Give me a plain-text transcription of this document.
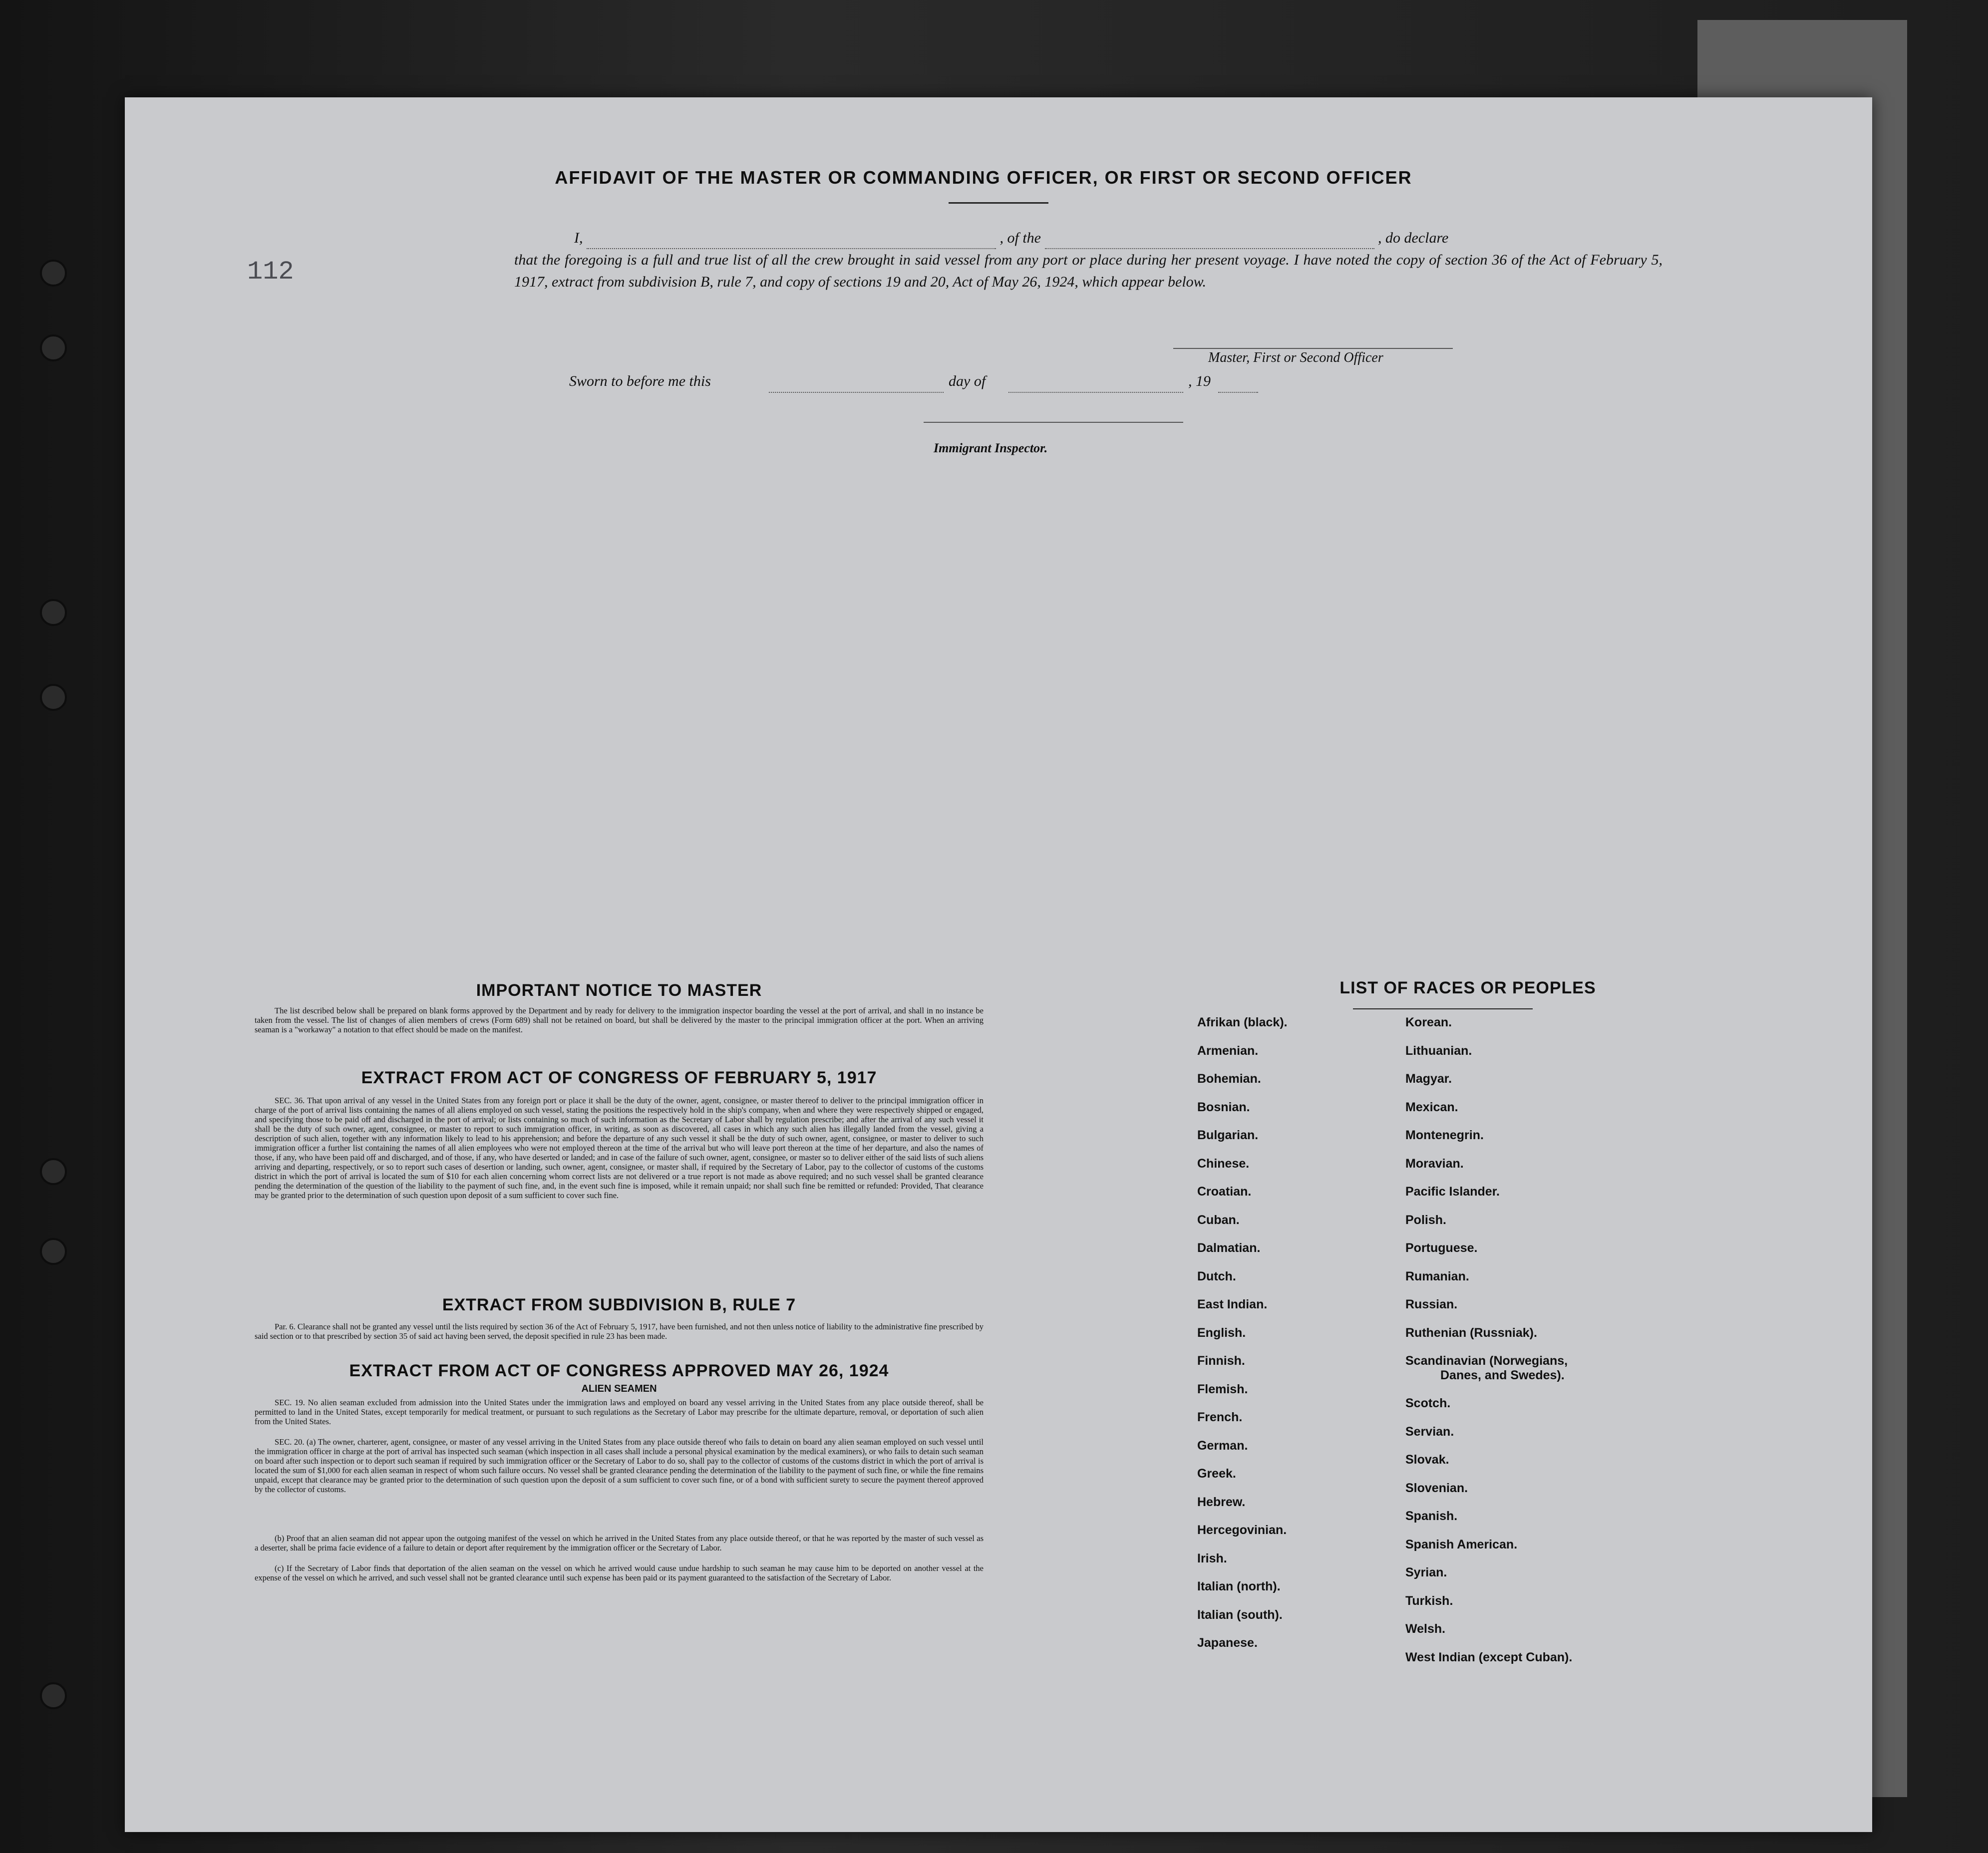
AFFIDAVIT OF THE MASTER OR COMMANDING OFFICER, OR FIRST OR SECOND OFFICER
112
I,	, of the	, do declare
that the foregoing is a full and true list of all the crew brought in said vessel from any port or place during her present voyage. I have noted the copy of section 36 of the Act of February 5, 1917, extract from subdivision B, rule 7, and copy of sections 19 and 20, Act of May 26, 1924, which appear below.
Master, First or Second Officer
Sworn to before me this	day of	, 19
Immigrant Inspector.
IMPORTANT NOTICE TO MASTER
The list described below shall be prepared on blank forms approved by the Department and by ready for delivery to the immigration inspector boarding the vessel at the port of arrival, and shall in no instance be taken from the vessel. The list of changes of alien members of crews (Form 689) shall not be retained on board, but shall be delivered by the master to the principal immigration officer at the port. When an arriving seaman is a "workaway" a notation to that effect should be made on the manifest.
EXTRACT FROM ACT OF CONGRESS OF FEBRUARY 5, 1917
SEC. 36. That upon arrival of any vessel in the United States from any foreign port or place it shall be the duty of the owner, agent, consignee, or master thereof to deliver to the principal immigration officer in charge of the port of arrival lists containing the names of all aliens employed on such vessel, stating the positions the respectively hold in the ship's company, when and where they were respectively shipped or engaged, and specifying those to be paid off and discharged in the port of arrival; or lists containing so much of such information as the Secretary of Labor shall by regulation prescribe; and after the arrival of any such vessel it shall be the duty of such owner, agent, consignee, or master to report to such immigration officer, in writing, as soon as discovered, all cases in which any such alien has illegally landed from the vessel, giving a description of such alien, together with any information likely to lead to his apprehension; and before the departure of any such vessel it shall be the duty of such owner, agent, consignee, or master to deliver to such immigration officer a further list containing the names of all alien employees who were not employed thereon at the time of the arrival but who will leave port thereon at the time of her departure, and also the names of those, if any, who have been paid off and discharged, and of those, if any, who have deserted or landed; and in case of the failure of such owner, agent, consignee, or master so to deliver either of the said lists of such aliens arriving and departing, respectively, or so to report such cases of desertion or landing, such owner, agent, consignee, or master shall, if required by the Secretary of Labor, pay to the collector of customs of the customs district in which the port of arrival is located the sum of $10 for each alien concerning whom correct lists are not delivered or a true report is not made as above required; and no such vessel shall be granted clearance pending the determination of the question of the liability to the payment of such fine, and, in the event such fine is imposed, while it remain unpaid; nor shall such fine be remitted or refunded: Provided, That clearance may be granted prior to the determination of such question upon deposit of a sum sufficient to cover such fine.
EXTRACT FROM SUBDIVISION B, RULE 7
Par. 6. Clearance shall not be granted any vessel until the lists required by section 36 of the Act of February 5, 1917, have been furnished, and not then unless notice of liability to the administrative fine prescribed by said section or to that prescribed by section 35 of said act having been served, the deposit specified in rule 23 has been made.
EXTRACT FROM ACT OF CONGRESS APPROVED MAY 26, 1924
ALIEN SEAMEN
SEC. 19. No alien seaman excluded from admission into the United States under the immigration laws and employed on board any vessel arriving in the United States from any place outside thereof, shall be permitted to land in the United States, except temporarily for medical treatment, or pursuant to such regulations as the Secretary of Labor may prescribe for the ultimate departure, removal, or deportation of such alien from the United States.
SEC. 20. (a) The owner, charterer, agent, consignee, or master of any vessel arriving in the United States from any place outside thereof who fails to detain on board any alien seaman employed on such vessel until the immigration officer in charge at the port of arrival has inspected such seaman (which inspection in all cases shall include a personal physical examination by the medical examiners), or who fails to detain such seaman on board after such inspection or to deport such seaman if required by such immigration officer or the Secretary of Labor to do so, shall pay to the collector of customs of the customs district in which the port of arrival is located the sum of $1,000 for each alien seaman in respect of whom such failure occurs. No vessel shall be granted clearance pending the determination of the liability to the payment of such fine, or while the fine remains unpaid, except that clearance may be granted prior to the determination of such question upon the deposit of a sum sufficient to cover such fine, or of a bond with sufficient surety to secure the payment thereof approved by the collector of customs.
(b) Proof that an alien seaman did not appear upon the outgoing manifest of the vessel on which he arrived in the United States from any place outside thereof, or that he was reported by the master of such vessel as a deserter, shall be prima facie evidence of a failure to detain or deport after requirement by the immigration officer or the Secretary of Labor.
(c) If the Secretary of Labor finds that deportation of the alien seaman on the vessel on which he arrived would cause undue hardship to such seaman he may cause him to be deported on another vessel at the expense of the vessel on which he arrived, and such vessel shall not be granted clearance until such expense has been paid or its payment guaranteed to the satisfaction of the Secretary of Labor.
LIST OF RACES OR PEOPLES
Afrikan (black).
Armenian.
Bohemian.
Bosnian.
Bulgarian.
Chinese.
Croatian.
Cuban.
Dalmatian.
Dutch.
East Indian.
English.
Finnish.
Flemish.
French.
German.
Greek.
Hebrew.
Hercegovinian.
Irish.
Italian (north).
Italian (south).
Japanese.
Korean.
Lithuanian.
Magyar.
Mexican.
Montenegrin.
Moravian.
Pacific Islander.
Polish.
Portuguese.
Rumanian.
Russian.
Ruthenian (Russniak).
Scandinavian (Norwegians,
Danes, and Swedes).
Scotch.
Servian.
Slovak.
Slovenian.
Spanish.
Spanish American.
Syrian.
Turkish.
Welsh.
West Indian (except Cuban).
